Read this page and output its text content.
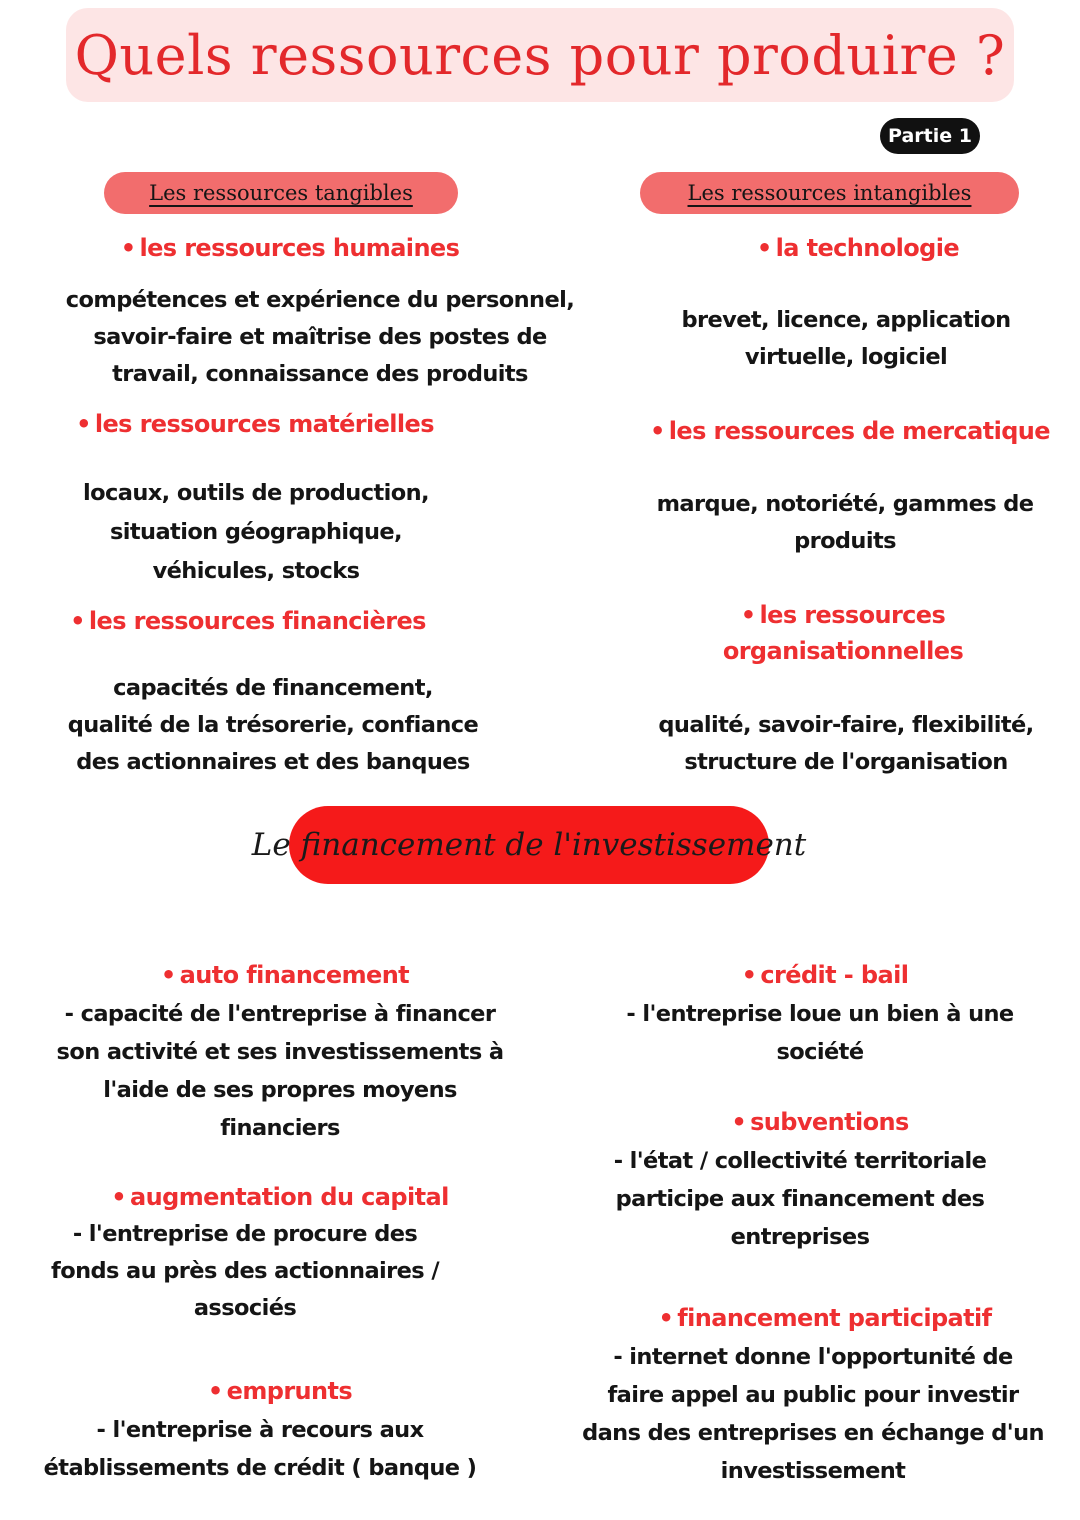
Quels ressources pour produire ?
Partie 1
Les ressources tangibles	Les ressources intangibles
• les ressources humaines
compétences et expérience du personnel,
savoir-faire et maîtrise des postes de
travail, connaissance des produits
• les ressources matérielles
locaux, outils de production,
situation géographique,
véhicules, stocks
• les ressources financières
capacités de financement,
qualité de la trésorerie, confiance
des actionnaires et des banques
• la technologie
brevet, licence, application
virtuelle, logiciel
• les ressources de mercatique
marque, notoriété, gammes de
produits
• les ressources
organisationnelles
qualité, savoir-faire, flexibilité,
structure de l'organisation
Le financement de l'investissement
• auto financement
- capacité de l'entreprise à financer
son activité et ses investissements à
l'aide de ses propres moyens
financiers
• augmentation du capital
- l'entreprise de procure des
fonds au près des actionnaires /
associés
• emprunts
- l'entreprise à recours aux
établissements de crédit ( banque )
• crédit - bail
- l'entreprise loue un bien à une
société
• subventions
- l'état / collectivité territoriale
participe aux financement des
entreprises
• financement participatif
- internet donne l'opportunité de
faire appel au public pour investir
dans des entreprises en échange d'un
investissement
